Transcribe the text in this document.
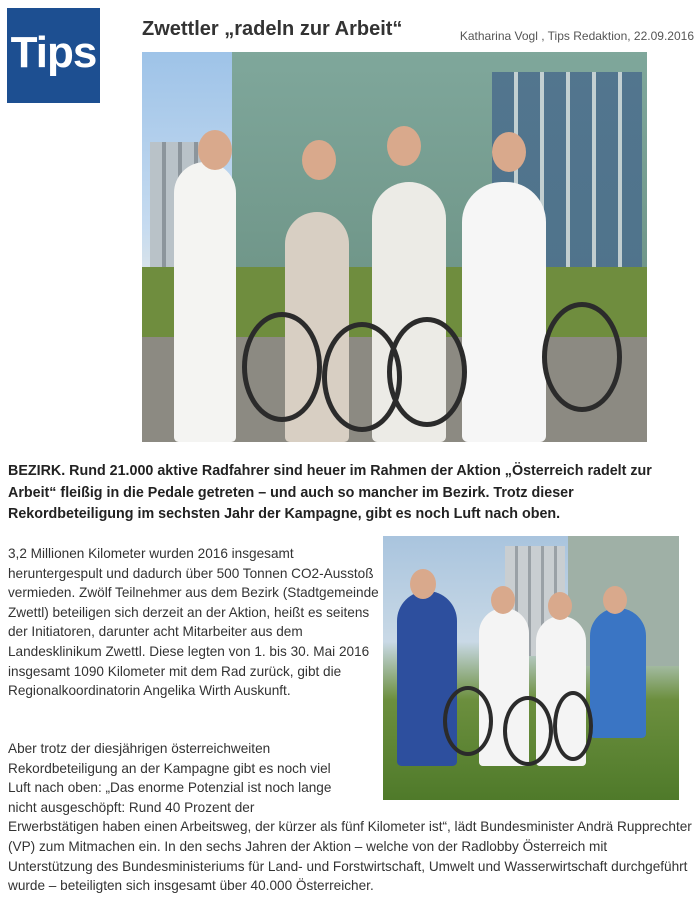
Tips Zwettler „radeln zur Arbeit“	Katharina Vogl , Tips Redaktion, 22.09.2016

BEZIRK. Rund 21.000 aktive Radfahrer sind heuer im Rahmen der Aktion „Österreich radelt zur Arbeit“ fleißig in die Pedale getreten – und auch so mancher im Bezirk. Trotz dieser Rekordbeteiligung im sechsten Jahr der Kampagne, gibt es noch Luft nach oben.

3,2 Millionen Kilometer wurden 2016 insgesamt heruntergespult und dadurch über 500 Tonnen CO2-Ausstoß vermieden. Zwölf Teilnehmer aus dem Bezirk (Stadtgemeinde Zwettl) beteiligen sich derzeit an der Aktion, heißt es seitens der Initiatoren, darunter acht Mitarbeiter aus dem Landesklinikum Zwettl. Diese legten von 1. bis 30. Mai 2016 insgesamt 1090 Kilometer mit dem Rad zurück, gibt die Regionalkoordinatorin Angelika Wirth Auskunft.

Aber trotz der diesjährigen österreichweiten
Rekordbeteiligung an der Kampagne gibt es noch viel
Luft nach oben: „Das enorme Potenzial ist noch lange
nicht ausgeschöpft: Rund 40 Prozent der
Erwerbstätigen haben einen Arbeitsweg, der kürzer als fünf Kilometer ist“, lädt Bundesminister Andrä Rupprechter (VP) zum Mitmachen ein. In den sechs Jahren der Aktion – welche von der Radlobby Österreich mit Unterstützung des Bundesministeriums für Land- und Forstwirtschaft, Umwelt und Wasserwirtschaft durchgeführt wurde – beteiligten sich insgesamt über 40.000 Österreicher.
